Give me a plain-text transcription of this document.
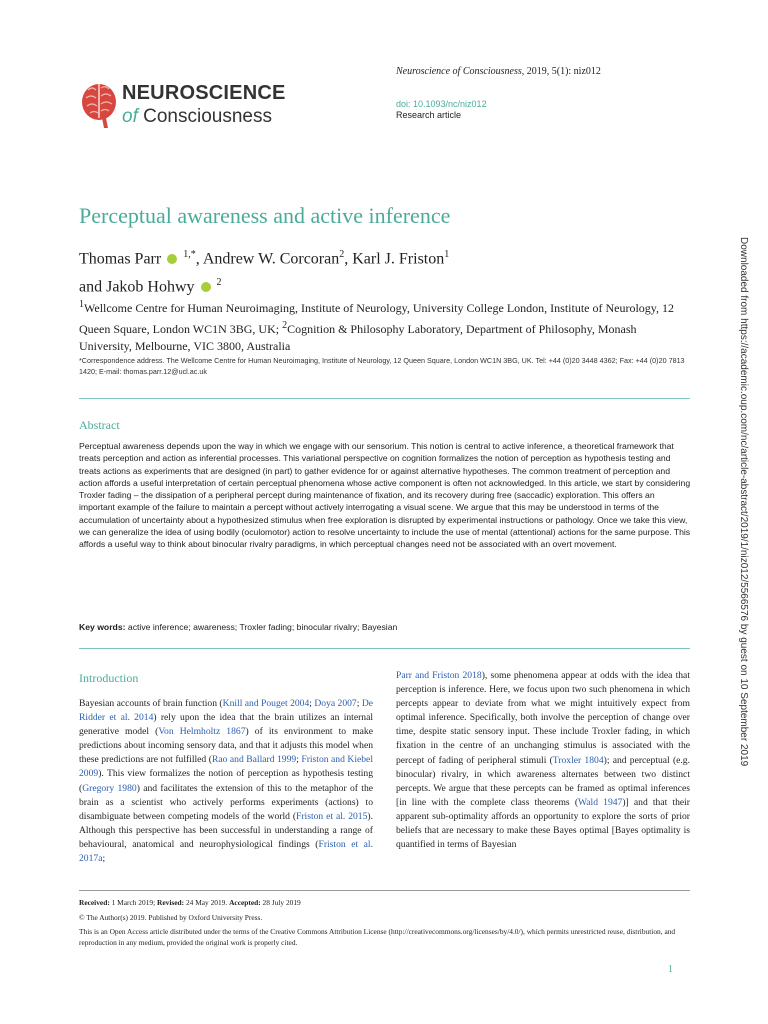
NEUROSCIENCE
of Consciousness
Neuroscience of Consciousness, 2019, 5(1): niz012
doi: 10.1093/nc/niz012
Research article
Perceptual awareness and active inference
Thomas Parr $^{1,*}$, Andrew W. Corcoran$^2$, Karl J. Friston$^1$
and Jakob Hohwy $^2$
$^1$Wellcome Centre for Human Neuroimaging, Institute of Neurology, University College London, Institute of Neurology, 12 Queen Square, London WC1N 3BG, UK; $^2$Cognition & Philosophy Laboratory, Department of Philosophy, Monash University, Melbourne, VIC 3800, Australia
*Correspondence address. The Wellcome Centre for Human Neuroimaging, Institute of Neurology, 12 Queen Square, London WC1N 3BG, UK. Tel: +44 (0)20 3448 4362; Fax: +44 (0)20 7813 1420; E-mail: thomas.parr.12@ucl.ac.uk
Abstract
Perceptual awareness depends upon the way in which we engage with our sensorium. This notion is central to active inference, a theoretical framework that treats perception and action as inferential processes. This variational perspective on cognition formalizes the notion of perception as hypothesis testing and treats actions as experiments that are designed (in part) to gather evidence for or against alternative hypotheses. The common treatment of perception and action affords a useful interpretation of certain perceptual phenomena whose active component is often not acknowledged. In this article, we start by considering Troxler fading – the dissipation of a peripheral percept during maintenance of fixation, and its recovery during free (saccadic) exploration. This offers an important example of the failure to maintain a percept without actively interrogating a visual scene. We argue that this may be understood in terms of the accumulation of uncertainty about a hypothesized stimulus when free exploration is disrupted by experimental instructions or pathology. Once we take this view, we can generalize the idea of using bodily (oculomotor) action to resolve uncertainty to include the use of mental (attentional) actions for the same purpose. This affords a useful way to think about binocular rivalry paradigms, in which perceptual changes need not be associated with an overt movement.
Key words: active inference; awareness; Troxler fading; binocular rivalry; Bayesian
Introduction
Bayesian accounts of brain function (Knill and Pouget 2004; Doya 2007; De Ridder et al. 2014) rely upon the idea that the brain utilizes an internal generative model (Von Helmholtz 1867) of its environment to make predictions about incoming sensory data, and that it adjusts this model when these predictions are not fulfilled (Rao and Ballard 1999; Friston and Kiebel 2009). This view formalizes the notion of perception as hypothesis testing (Gregory 1980) and facilitates the extension of this to the metaphor of the brain as a scientist who actively performs experiments (actions) to disambiguate between competing models of the world (Friston et al. 2015). Although this perspective has been successful in understanding a range of behavioural, anatomical and neurophysiological findings (Friston et al. 2017a;
Parr and Friston 2018), some phenomena appear at odds with the idea that perception is inference. Here, we focus upon two such phenomena in which percepts appear to deviate from what we might intuitively expect from optimal inference. Specifically, both involve the perception of change over time, despite static sensory input. These include Troxler fading, in which fixation in the centre of an unchanging stimulus is associated with the percept of fading of peripheral stimuli (Troxler 1804); and perceptual (e.g. binocular) rivalry, in which awareness alternates between two distinct percepts. We argue that these percepts can be framed as optimal inferences [in line with the complete class theorems (Wald 1947)] and that their apparent sub-optimality affords an opportunity to explore the sorts of prior beliefs that are necessary to make these Bayes optimal [Bayes optimality is quantified in terms of Bayesian
Received: 1 March 2019; Revised: 24 May 2019. Accepted: 28 July 2019
© The Author(s) 2019. Published by Oxford University Press.
This is an Open Access article distributed under the terms of the Creative Commons Attribution License (http://creativecommons.org/licenses/by/4.0/), which permits unrestricted reuse, distribution, and reproduction in any medium, provided the original work is properly cited.
1
Downloaded from https://academic.oup.com/nc/article-abstract/2019/1/niz012/5566576 by guest on 10 September 2019
